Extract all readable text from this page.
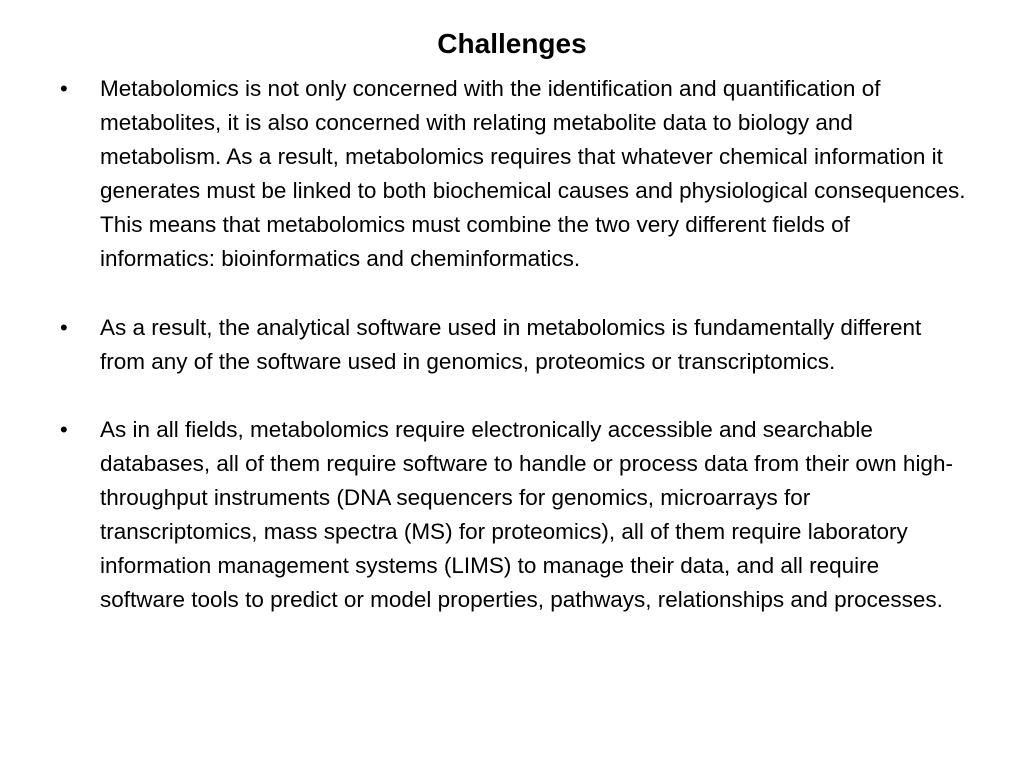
Challenges
• Metabolomics is not only concerned with the identification and quantification of metabolites, it is also concerned with relating metabolite data to biology and metabolism. As a result, metabolomics requires that whatever chemical information it generates must be linked to both biochemical causes and physiological consequences. This means that metabolomics must combine the two very different fields of informatics: bioinformatics and cheminformatics.
• As a result, the analytical software used in metabolomics is fundamentally different from any of the software used in genomics, proteomics or transcriptomics.
• As in all fields, metabolomics require electronically accessible and searchable databases, all of them require software to handle or process data from their own high-throughput instruments (DNA sequencers for genomics, microarrays for transcriptomics, mass spectra (MS) for proteomics), all of them require laboratory information management systems (LIMS) to manage their data, and all require software tools to predict or model properties, pathways, relationships and processes.
